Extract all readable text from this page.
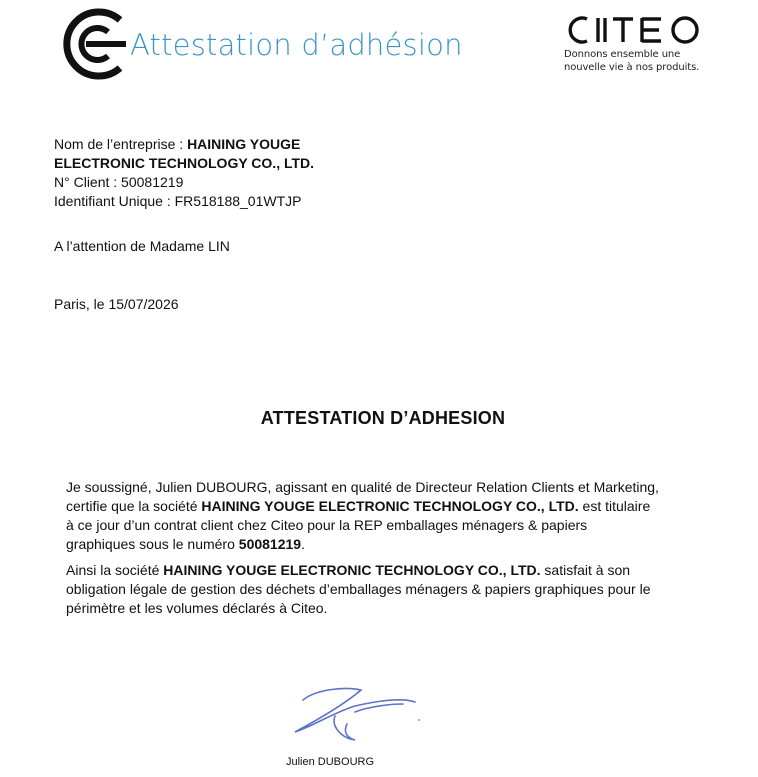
Attestation d’adhésion	Donnons ensemble une
nouvelle vie à nos produits.
Nom de l’entreprise : HAINING YOUGE
ELECTRONIC TECHNOLOGY CO., LTD.
N° Client : 50081219
Identifiant Unique : FR518188_01WTJP
A l’attention de Madame LIN
Paris, le 15/07/2026
ATTESTATION D’ADHESION
Je soussigné, Julien DUBOURG, agissant en qualité de Directeur Relation Clients et Marketing,
certifie que la société HAINING YOUGE ELECTRONIC TECHNOLOGY CO., LTD. est titulaire
à ce jour d’un contrat client chez Citeo pour la REP emballages ménagers & papiers
graphiques sous le numéro 50081219.
Ainsi la société HAINING YOUGE ELECTRONIC TECHNOLOGY CO., LTD. satisfait à son
obligation légale de gestion des déchets d’emballages ménagers & papiers graphiques pour le
périmètre et les volumes déclarés à Citeo.
Julien DUBOURG
